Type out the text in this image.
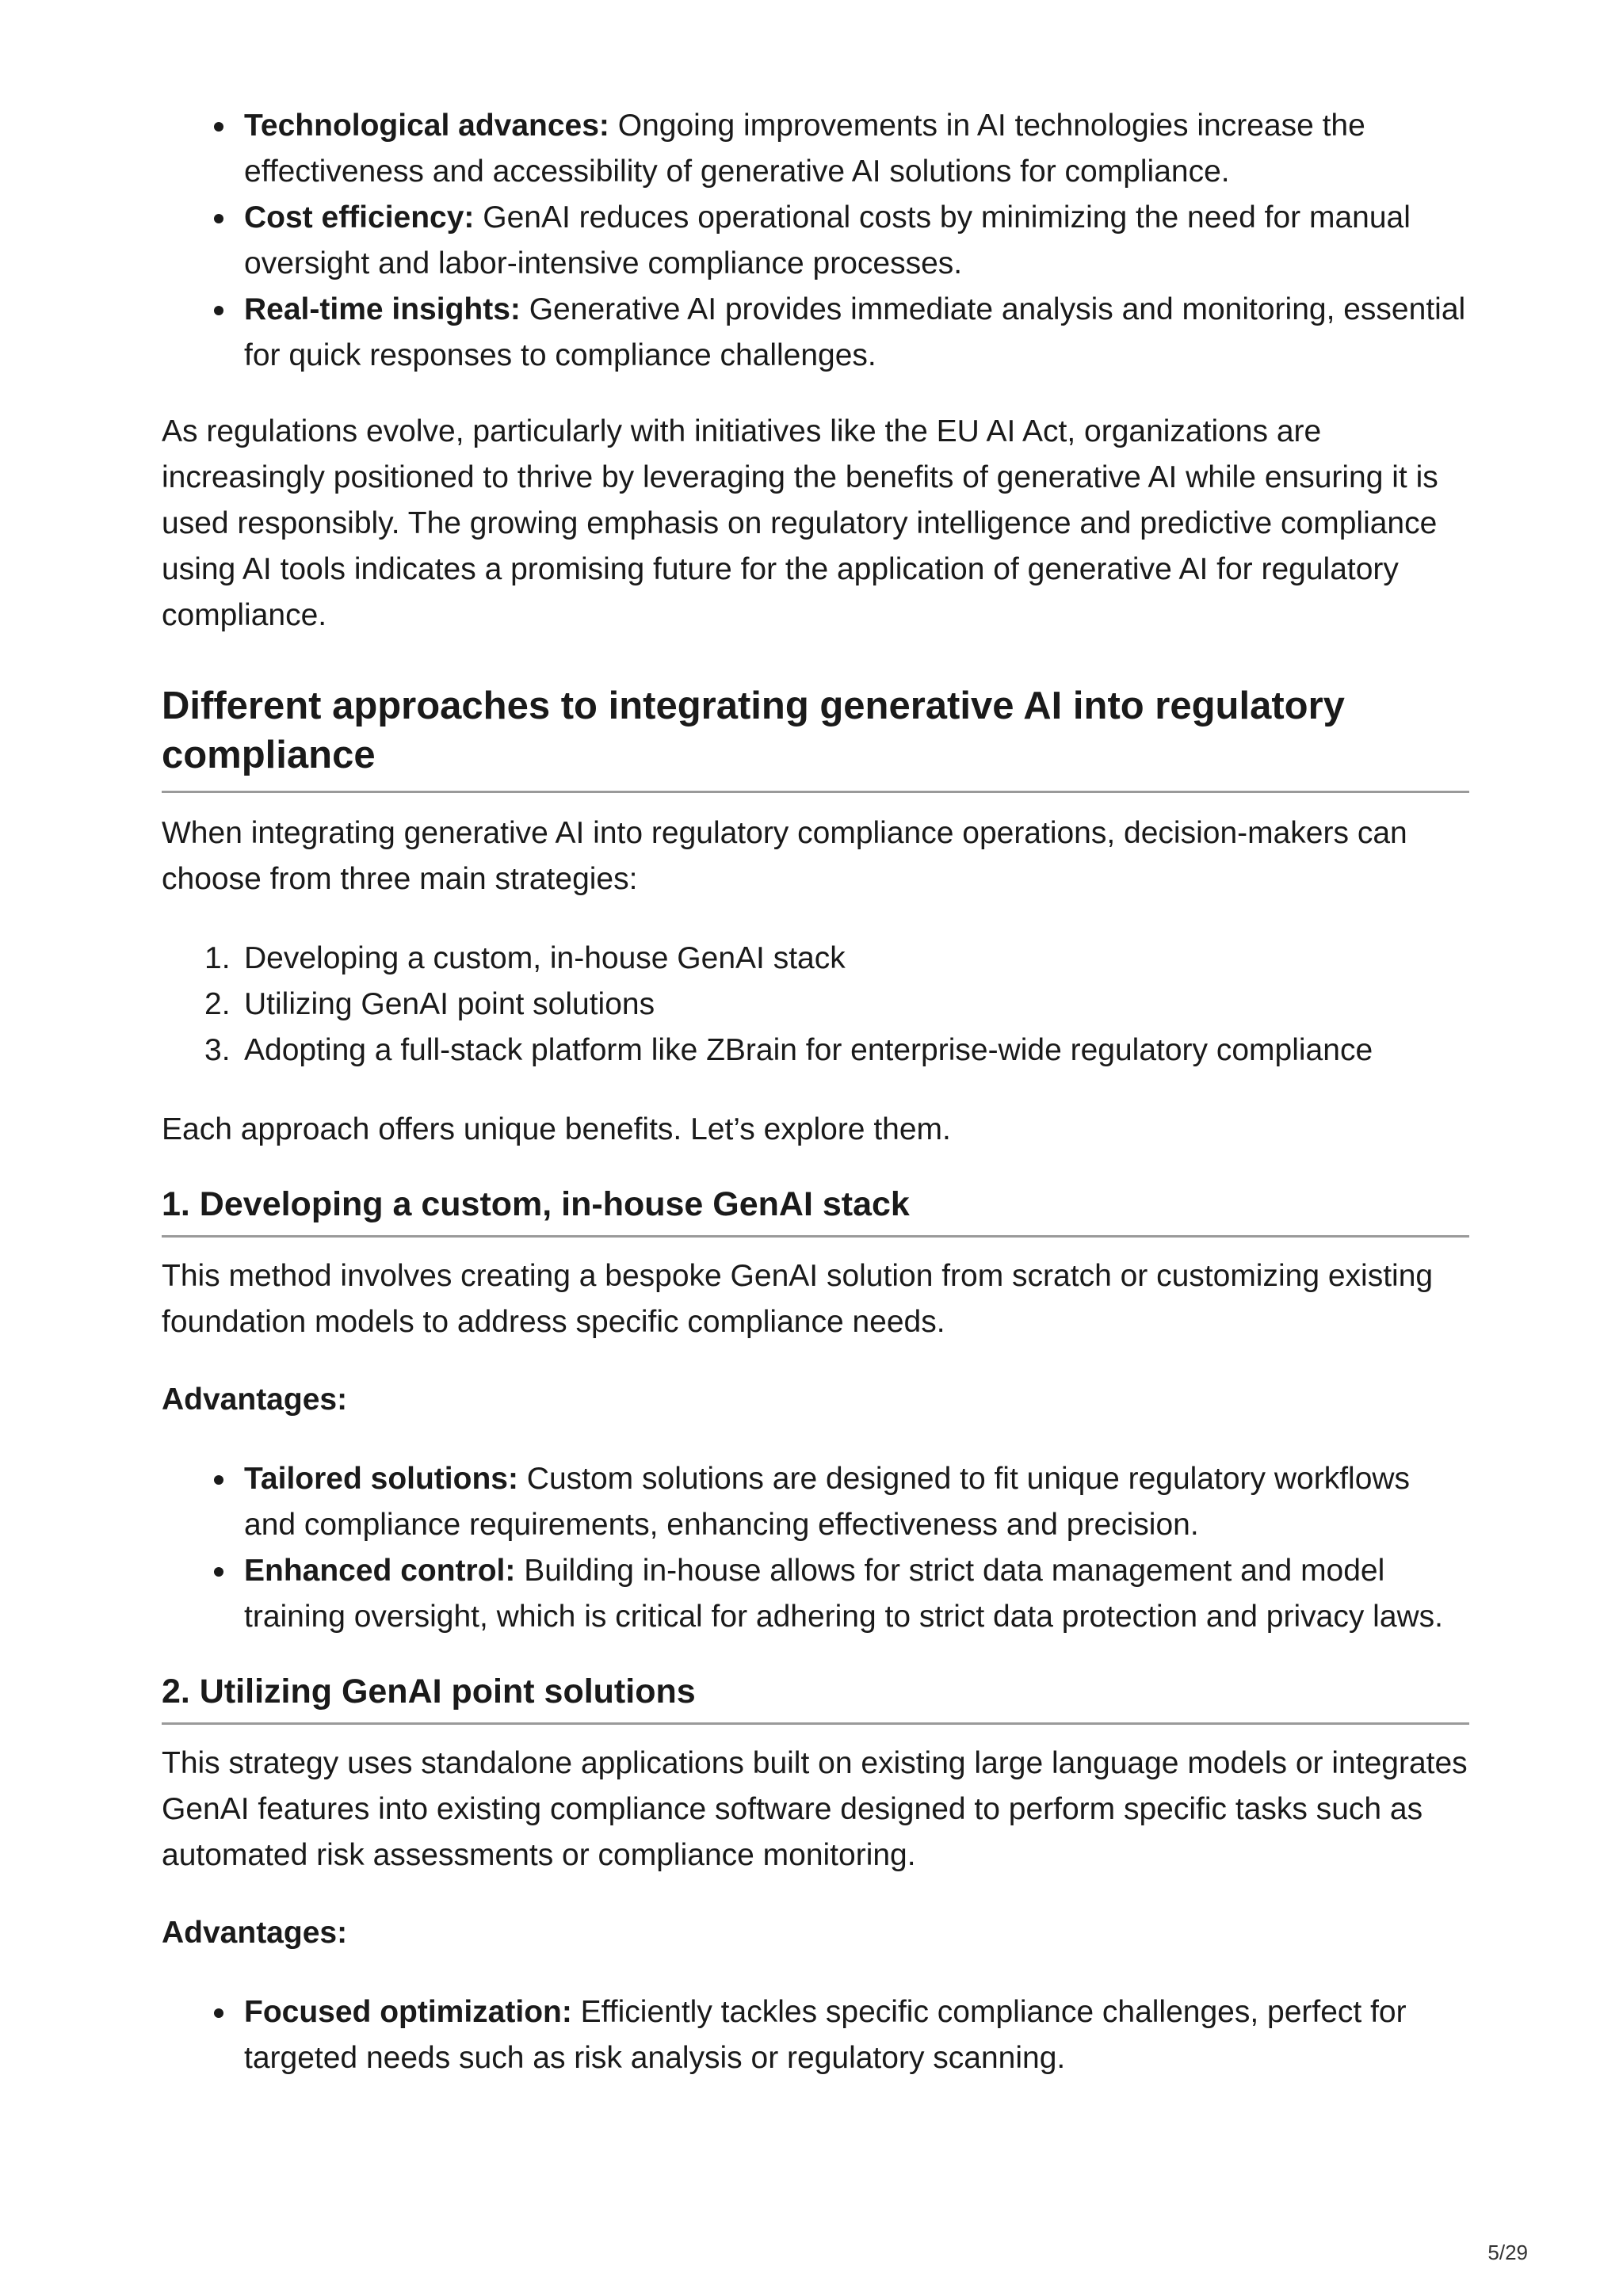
Technological advances: Ongoing improvements in AI technologies increase the effectiveness and accessibility of generative AI solutions for compliance.
Cost efficiency: GenAI reduces operational costs by minimizing the need for manual oversight and labor-intensive compliance processes.
Real-time insights: Generative AI provides immediate analysis and monitoring, essential for quick responses to compliance challenges.

As regulations evolve, particularly with initiatives like the EU AI Act, organizations are increasingly positioned to thrive by leveraging the benefits of generative AI while ensuring it is used responsibly. The growing emphasis on regulatory intelligence and predictive compliance using AI tools indicates a promising future for the application of generative AI for regulatory compliance.

Different approaches to integrating generative AI into regulatory compliance

When integrating generative AI into regulatory compliance operations, decision-makers can choose from three main strategies:

1. Developing a custom, in-house GenAI stack
2. Utilizing GenAI point solutions
3. Adopting a full-stack platform like ZBrain for enterprise-wide regulatory compliance

Each approach offers unique benefits. Let’s explore them.

1. Developing a custom, in-house GenAI stack

This method involves creating a bespoke GenAI solution from scratch or customizing existing foundation models to address specific compliance needs.

Advantages:

Tailored solutions: Custom solutions are designed to fit unique regulatory workflows and compliance requirements, enhancing effectiveness and precision.
Enhanced control: Building in-house allows for strict data management and model training oversight, which is critical for adhering to strict data protection and privacy laws.
2. Utilizing GenAI point solutions

This strategy uses standalone applications built on existing large language models or integrates GenAI features into existing compliance software designed to perform specific tasks such as automated risk assessments or compliance monitoring.

Advantages:

Focused optimization: Efficiently tackles specific compliance challenges, perfect for targeted needs such as risk analysis or regulatory scanning.
5/29
